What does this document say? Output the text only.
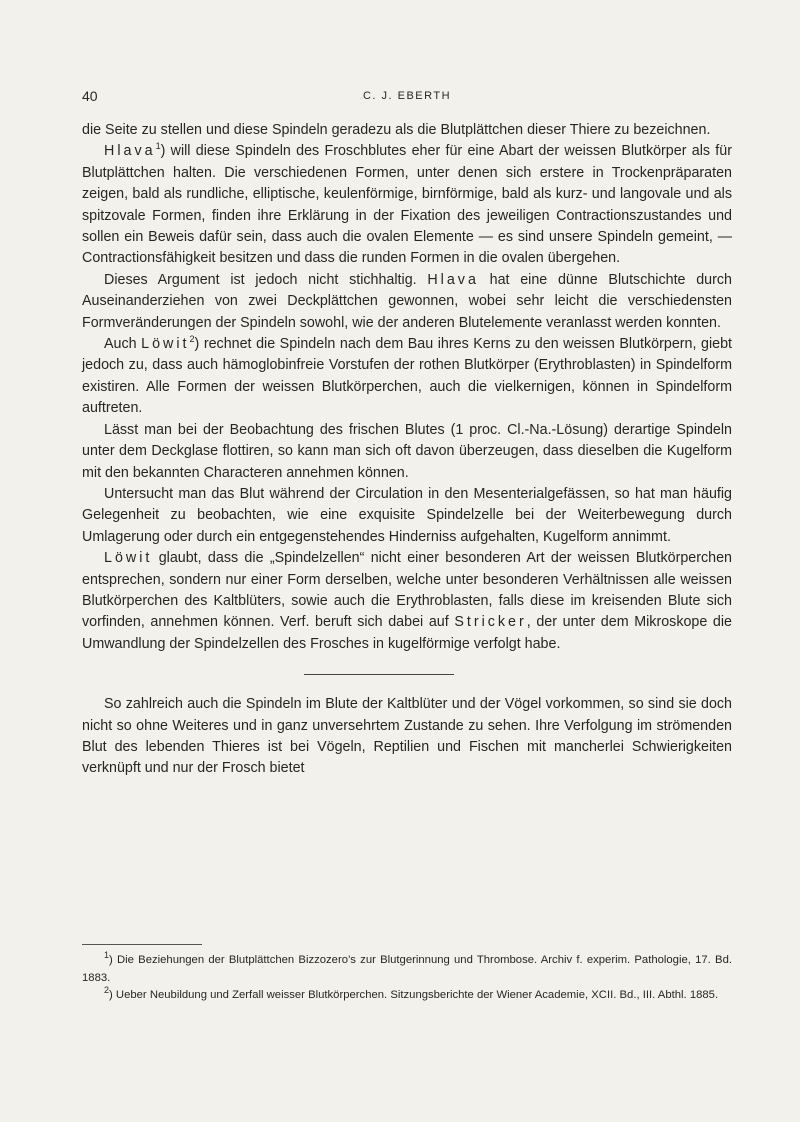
40	C. J. EBERTH

die Seite zu stellen und diese Spindeln geradezu als die Blutplättchen dieser Thiere zu bezeichnen.

Hlava$^1$) will diese Spindeln des Froschblutes eher für eine Abart der weissen Blutkörper als für Blutplättchen halten. Die verschiedenen Formen, unter denen sich erstere in Trockenpräparaten zeigen, bald als rundliche, elliptische, keulenförmige, birnförmige, bald als kurz- und langovale und als spitzovale Formen, finden ihre Erklärung in der Fixation des jeweiligen Contractionszustandes und sollen ein Beweis dafür sein, dass auch die ovalen Elemente — es sind unsere Spindeln gemeint, — Contractionsfähigkeit besitzen und dass die runden Formen in die ovalen übergehen.

Dieses Argument ist jedoch nicht stichhaltig. Hlava hat eine dünne Blutschichte durch Auseinanderziehen von zwei Deckplättchen gewonnen, wobei sehr leicht die verschiedensten Formveränderungen der Spindeln sowohl, wie der anderen Blutelemente veranlasst werden konnten.

Auch Löwit$^2$) rechnet die Spindeln nach dem Bau ihres Kerns zu den weissen Blutkörpern, giebt jedoch zu, dass auch hämoglobinfreie Vorstufen der rothen Blutkörper (Erythroblasten) in Spindelform existiren. Alle Formen der weissen Blutkörperchen, auch die vielkernigen, können in Spindelform auftreten.

Lässt man bei der Beobachtung des frischen Blutes (1 proc. Cl.-Na.-Lösung) derartige Spindeln unter dem Deckglase flottiren, so kann man sich oft davon überzeugen, dass dieselben die Kugelform mit den bekannten Characteren annehmen können.

Untersucht man das Blut während der Circulation in den Mesenterialgefässen, so hat man häufig Gelegenheit zu beobachten, wie eine exquisite Spindelzelle bei der Weiterbewegung durch Umlagerung oder durch ein entgegenstehendes Hinderniss aufgehalten, Kugelform annimmt.

Löwit glaubt, dass die „Spindelzellen“ nicht einer besonderen Art der weissen Blutkörperchen entsprechen, sondern nur einer Form derselben, welche unter besonderen Verhältnissen alle weissen Blutkörperchen des Kaltblüters, sowie auch die Erythroblasten, falls diese im kreisenden Blute sich vorfinden, annehmen können. Verf. beruft sich dabei auf Stricker, der unter dem Mikroskope die Umwandlung der Spindelzellen des Frosches in kugelförmige verfolgt habe.

So zahlreich auch die Spindeln im Blute der Kaltblüter und der Vögel vorkommen, so sind sie doch nicht so ohne Weiteres und in ganz unversehrtem Zustande zu sehen. Ihre Verfolgung im strömenden Blut des lebenden Thieres ist bei Vögeln, Reptilien und Fischen mit mancherlei Schwierigkeiten verknüpft und nur der Frosch bietet

$^1$) Die Beziehungen der Blutplättchen Bizzozero’s zur Blutgerinnung und Thrombose. Archiv f. experim. Pathologie, 17. Bd. 1883.

$^2$) Ueber Neubildung und Zerfall weisser Blutkörperchen. Sitzungsberichte der Wiener Academie, XCII. Bd., III. Abthl. 1885.
